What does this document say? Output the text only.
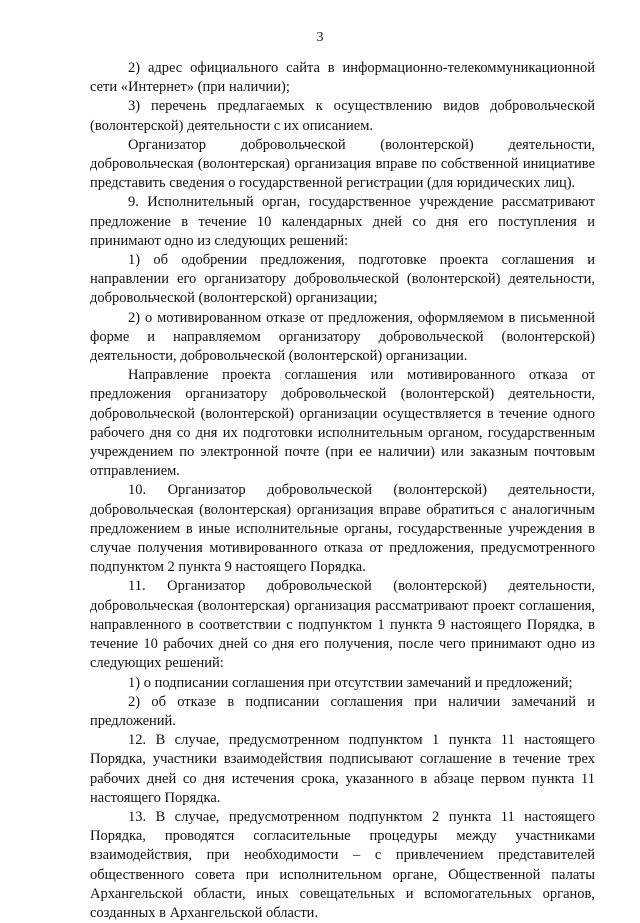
3

2) адрес официального сайта в информационно-телекоммуникационной сети «Интернет» (при наличии);

3) перечень предлагаемых к осуществлению видов добровольческой (волонтерской) деятельности с их описанием.

Организатор добровольческой (волонтерской) деятельности, добровольческая (волонтерская) организация вправе по собственной инициативе представить сведения о государственной регистрации (для юридических лиц).

9. Исполнительный орган, государственное учреждение рассматривают предложение в течение 10 календарных дней со дня его поступления и принимают одно из следующих решений:

1) об одобрении предложения, подготовке проекта соглашения и направлении его организатору добровольческой (волонтерской) деятельности, добровольческой (волонтерской) организации;

2) о мотивированном отказе от предложения, оформляемом в письменной форме и направляемом организатору добровольческой (волонтерской) деятельности, добровольческой (волонтерской) организации.

Направление проекта соглашения или мотивированного отказа от предложения организатору добровольческой (волонтерской) деятельности, добровольческой (волонтерской) организации осуществляется в течение одного рабочего дня со дня их подготовки исполнительным органом, государственным учреждением по электронной почте (при ее наличии) или заказным почтовым отправлением.

10. Организатор добровольческой (волонтерской) деятельности, добровольческая (волонтерская) организация вправе обратиться с аналогичным предложением в иные исполнительные органы, государственные учреждения в случае получения мотивированного отказа от предложения, предусмотренного подпунктом 2 пункта 9 настоящего Порядка.

11. Организатор добровольческой (волонтерской) деятельности, добровольческая (волонтерская) организация рассматривают проект соглашения, направленного в соответствии с подпунктом 1 пункта 9 настоящего Порядка, в течение 10 рабочих дней со дня его получения, после чего принимают одно из следующих решений:

1) о подписании соглашения при отсутствии замечаний и предложений;

2) об отказе в подписании соглашения при наличии замечаний и предложений.

12. В случае, предусмотренном подпунктом 1 пункта 11 настоящего Порядка, участники взаимодействия подписывают соглашение в течение трех рабочих дней со дня истечения срока, указанного в абзаце первом пункта 11 настоящего Порядка.

13. В случае, предусмотренном подпунктом 2 пункта 11 настоящего Порядка, проводятся согласительные процедуры между участниками взаимодействия, при необходимости – с привлечением представителей общественного совета при исполнительном органе, Общественной палаты Архангельской области, иных совещательных и вспомогательных органов, созданных в Архангельской области.
